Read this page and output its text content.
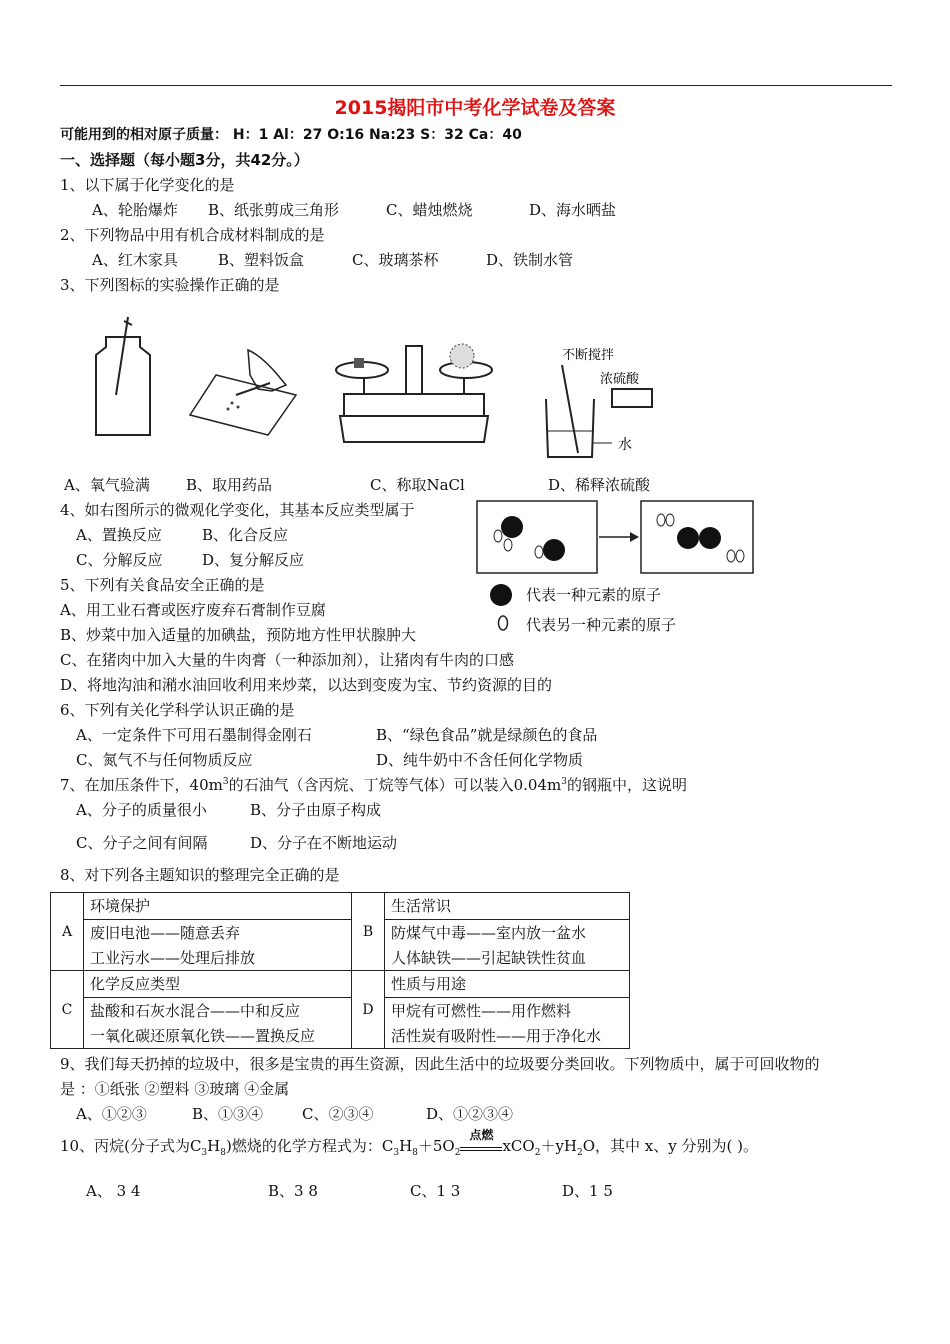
2015揭阳市中考化学试卷及答案
可能用到的相对原子质量： H：1 Al：27 O:16 Na:23 S：32 Ca：40
一、选择题（每小题3分，共42分。）
1、以下属于化学变化的是
A、轮胎爆炸 B、纸张剪成三角形	C、蜡烛燃烧	D、海水晒盐
2、下列物品中用有机合成材料制成的是
A、红木家具	B、塑料饭盒	C、玻璃茶杯	D、铁制水管
3、下列图标的实验操作正确的是
不断搅拌
浓硫酸
水
A、氧气验满 B、取用药品	C、称取NaCl	D、稀释浓硫酸
4、如右图所示的微观化学变化，其基本反应类型属于
A、置换反应	B、化合反应
C、分解反应	D、复分解反应
代表一种元素的原子
代表另一种元素的原子
5、下列有关食品安全正确的是
A、用工业石膏或医疗废弃石膏制作豆腐
B、炒菜中加入适量的加碘盐，预防地方性甲状腺肿大
C、在猪肉中加入大量的牛肉膏（一种添加剂），让猪肉有牛肉的口感
D、将地沟油和潲水油回收利用来炒菜，以达到变废为宝、节约资源的目的
6、下列有关化学科学认识正确的是
A、一定条件下可用石墨制得金刚石	B、“绿色食品”就是绿颜色的食品
C、氮气不与任何物质反应	D、纯牛奶中不含任何化学物质
7、在加压条件下，$40m^3$的石油气（含丙烷、丁烷等气体）可以装入$0.04m^3$的钢瓶中，这说明
A、分子的质量很小	B、分子由原子构成
C、分子之间有间隔	D、分子在不断地运动
8、对下列各主题知识的整理完全正确的是
A	环境保护	B	生活常识
	废旧电池——随意丢弃		防煤气中毒——室内放一盆水
	工业污水——处理后排放		人体缺铁——引起缺铁性贫血
C	化学反应类型	D	性质与用途
	盐酸和石灰水混合——中和反应		甲烷有可燃性——用作燃料
	一氧化碳还原氧化铁——置换反应		活性炭有吸附性——用于净化水
9、我们每天扔掉的垃圾中，很多是宝贵的再生资源，因此生活中的垃圾要分类回收。下列物质中，属于可回收物的
是 ：①纸张 ②塑料 ③玻璃 ④金属
A、①②③	B、①③④	C、②③④	D、①②③④
10、丙烷(分子式为$C_3H_8$)燃烧的化学方程式为：$C_3H_8+5O_2$
点燃
$xCO_2+yH_2O$，其中 x、y 分别为( )。
A、 3 4	B、3 8	C、1 3	D、1 5
